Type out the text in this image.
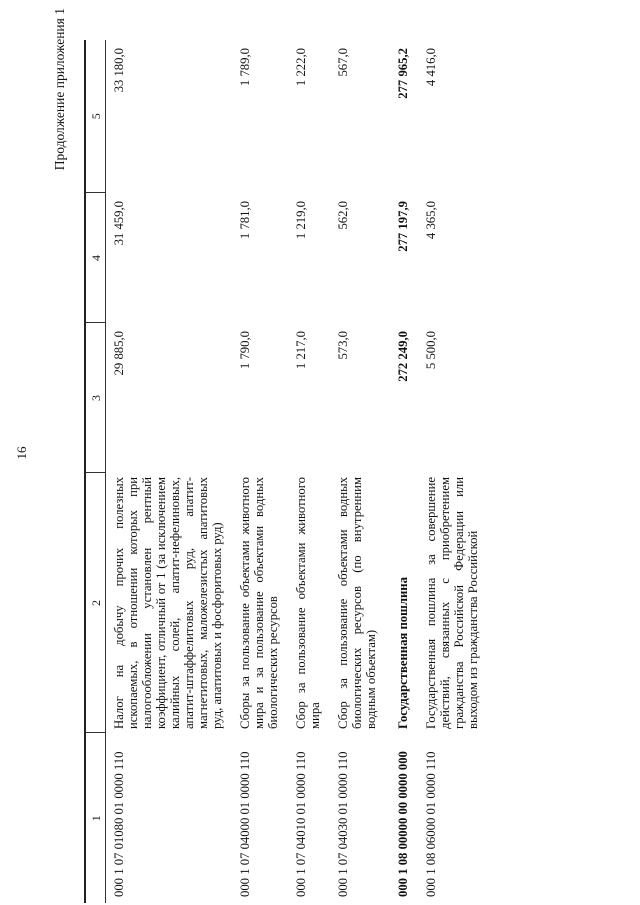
16
Продолжение приложения 1
1	2	3	4	5
000 1 07 01080 01 0000 110	Налог на добычу прочих полезных ископаемых, в отношении которых при налогообложении установлен рентный коэффициент, отличный от 1 (за исключением калийных солей, апатит-нефелиновых, апатит-штаффелитовых руд, апатит-магнетитовых, маложелезистых апатитовых руд, апатитовых и фосфоритовых руд)	29 885,0	31 459,0	33 180,0
000 1 07 04000 01 0000 110	Сборы за пользование объектами животного мира и за пользование объектами водных биологических ресурсов	1 790,0	1 781,0	1 789,0
000 1 07 04010 01 0000 110	Сбор за пользование объектами животного мира	1 217,0	1 219,0	1 222,0
000 1 07 04030 01 0000 110	Сбор за пользование объектами водных биологических ресурсов (по внутренним водным объектам)	573,0	562,0	567,0
000 1 08 00000 00 0000 000	Государственная пошлина	272 249,0	277 197,9	277 965,2
000 1 08 06000 01 0000 110	Государственная пошлина за совершение действий, связанных с приобретением гражданства Российской Федерации или выходом из гражданства Российской	5 500,0	4 365,0	4 416,0
